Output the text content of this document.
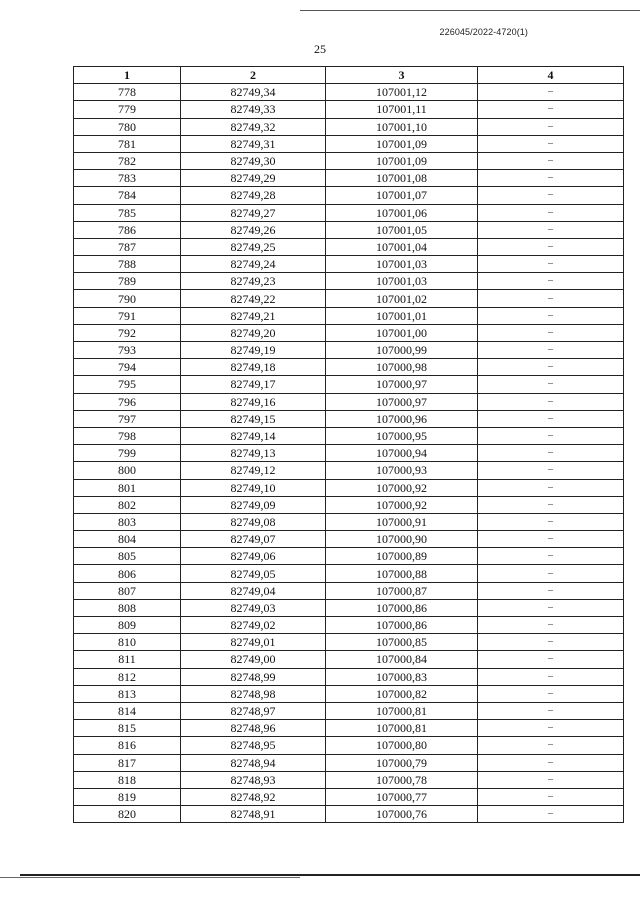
226045/2022-4720(1)
25
1	2	3	4
778	82749,34	107001,12	–
779	82749,33	107001,11	–
780	82749,32	107001,10	–
781	82749,31	107001,09	–
782	82749,30	107001,09	–
783	82749,29	107001,08	–
784	82749,28	107001,07	–
785	82749,27	107001,06	–
786	82749,26	107001,05	–
787	82749,25	107001,04	–
788	82749,24	107001,03	–
789	82749,23	107001,03	–
790	82749,22	107001,02	–
791	82749,21	107001,01	–
792	82749,20	107001,00	–
793	82749,19	107000,99	–
794	82749,18	107000,98	–
795	82749,17	107000,97	–
796	82749,16	107000,97	–
797	82749,15	107000,96	–
798	82749,14	107000,95	–
799	82749,13	107000,94	–
800	82749,12	107000,93	–
801	82749,10	107000,92	–
802	82749,09	107000,92	–
803	82749,08	107000,91	–
804	82749,07	107000,90	–
805	82749,06	107000,89	–
806	82749,05	107000,88	–
807	82749,04	107000,87	–
808	82749,03	107000,86	–
809	82749,02	107000,86	–
810	82749,01	107000,85	–
811	82749,00	107000,84	–
812	82748,99	107000,83	–
813	82748,98	107000,82	–
814	82748,97	107000,81	–
815	82748,96	107000,81	–
816	82748,95	107000,80	–
817	82748,94	107000,79	–
818	82748,93	107000,78	–
819	82748,92	107000,77	–
820	82748,91	107000,76	–
